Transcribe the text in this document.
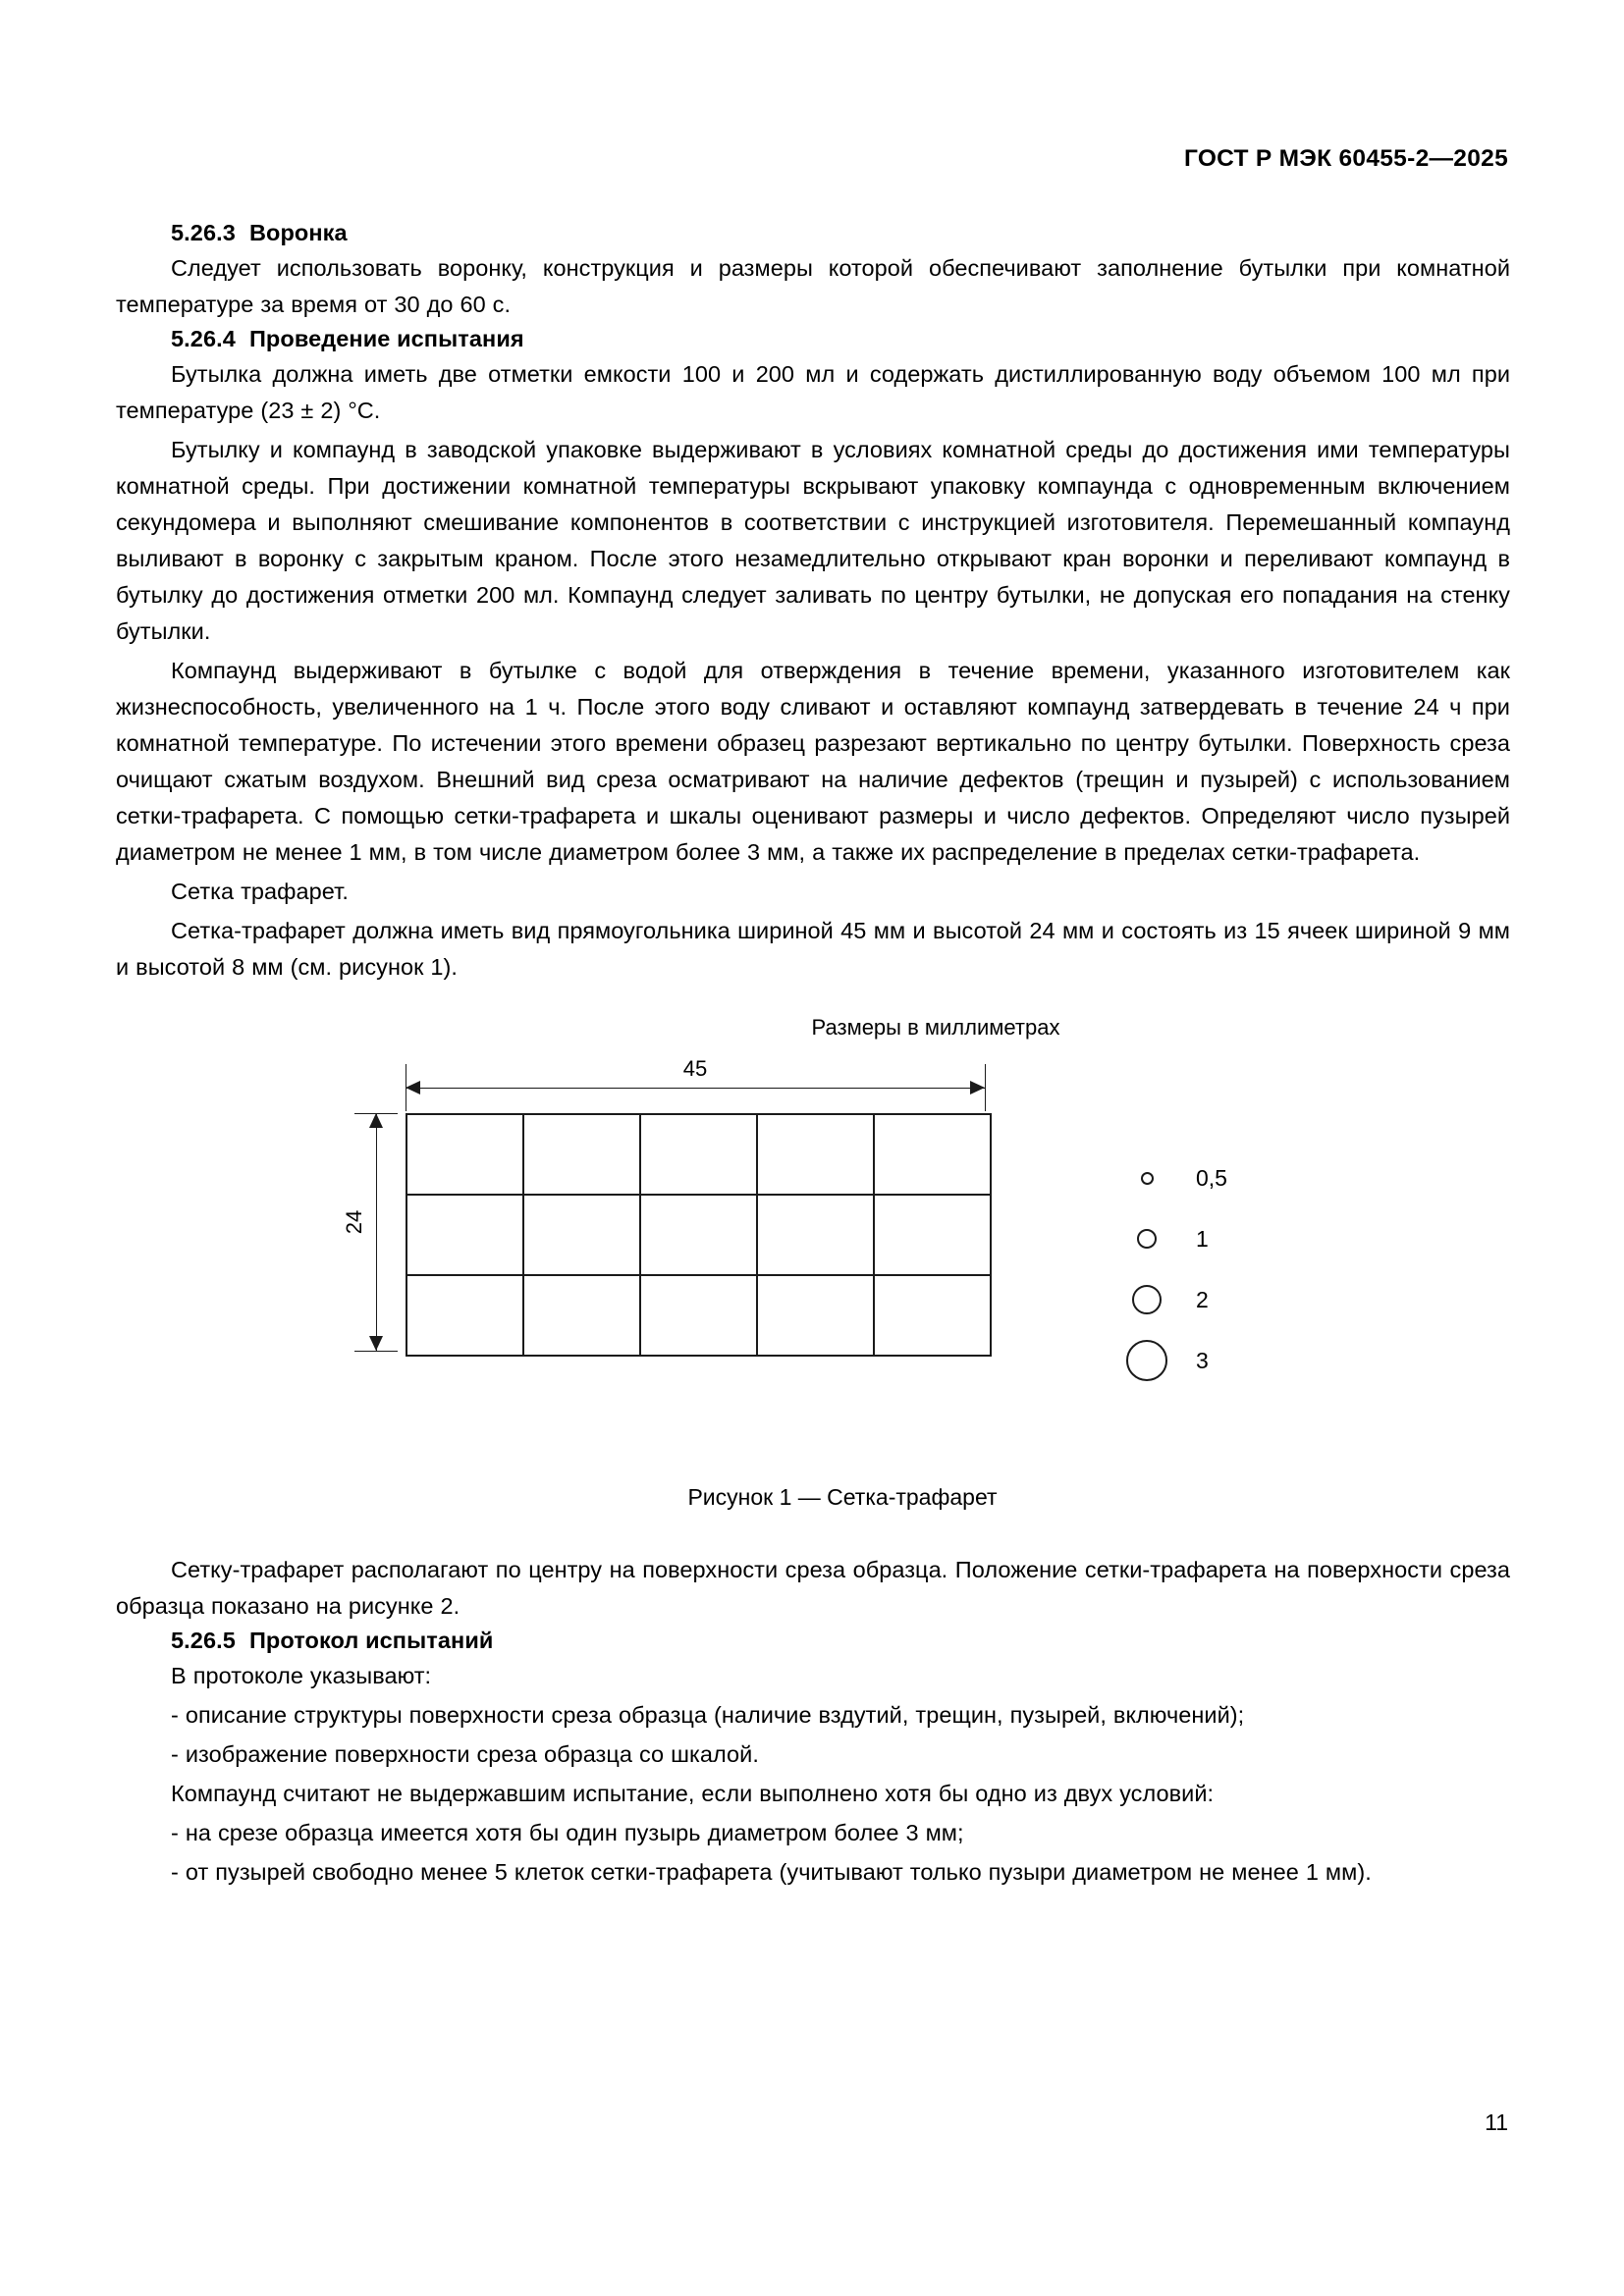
ГОСТ Р МЭК 60455-2—2025
5.26.3 Воронка

Следует использовать воронку, конструкция и размеры которой обеспечивают заполнение бутылки при комнатной температуре за время от 30 до 60 с.

5.26.4 Проведение испытания

Бутылка должна иметь две отметки емкости 100 и 200 мл и содержать дистиллированную воду объемом 100 мл при температуре (23 ± 2) °С.

Бутылку и компаунд в заводской упаковке выдерживают в условиях комнатной среды до достижения ими температуры комнатной среды. При достижении комнатной температуры вскрывают упаковку компаунда с одновременным включением секундомера и выполняют смешивание компонентов в соответствии с инструкцией изготовителя. Перемешанный компаунд выливают в воронку с закрытым краном. После этого незамедлительно открывают кран воронки и переливают компаунд в бутылку до достижения отметки 200 мл. Компаунд следует заливать по центру бутылки, не допуская его попадания на стенку бутылки.

Компаунд выдерживают в бутылке с водой для отверждения в течение времени, указанного изготовителем как жизнеспособность, увеличенного на 1 ч. После этого воду сливают и оставляют компаунд затвердевать в течение 24 ч при комнатной температуре. По истечении этого времени образец разрезают вертикально по центру бутылки. Поверхность среза очищают сжатым воздухом. Внешний вид среза осматривают на наличие дефектов (трещин и пузырей) с использованием сетки-трафарета. С помощью сетки-трафарета и шкалы оценивают размеры и число дефектов. Определяют число пузырей диаметром не менее 1 мм, в том числе диаметром более 3 мм, а также их распределение в пределах сетки-трафарета.

Сетка трафарет.

Сетка-трафарет должна иметь вид прямоугольника шириной 45 мм и высотой 24 мм и состоять из 15 ячеек шириной 9 мм и высотой 8 мм (см. рисунок 1).

Размеры в миллиметрах
45
24

0,5
1
2
3
Рисунок 1 — Сетка-трафарет

Сетку-трафарет располагают по центру на поверхности среза образца. Положение сетки-трафарета на поверхности среза образца показано на рисунке 2.

5.26.5 Протокол испытаний

В протоколе указывают:

- описание структуры поверхности среза образца (наличие вздутий, трещин, пузырей, включений);

- изображение поверхности среза образца со шкалой.

Компаунд считают не выдержавшим испытание, если выполнено хотя бы одно из двух условий:

- на срезе образца имеется хотя бы один пузырь диаметром более 3 мм;

- от пузырей свободно менее 5 клеток сетки-трафарета (учитывают только пузыри диаметром не менее 1 мм).

11
